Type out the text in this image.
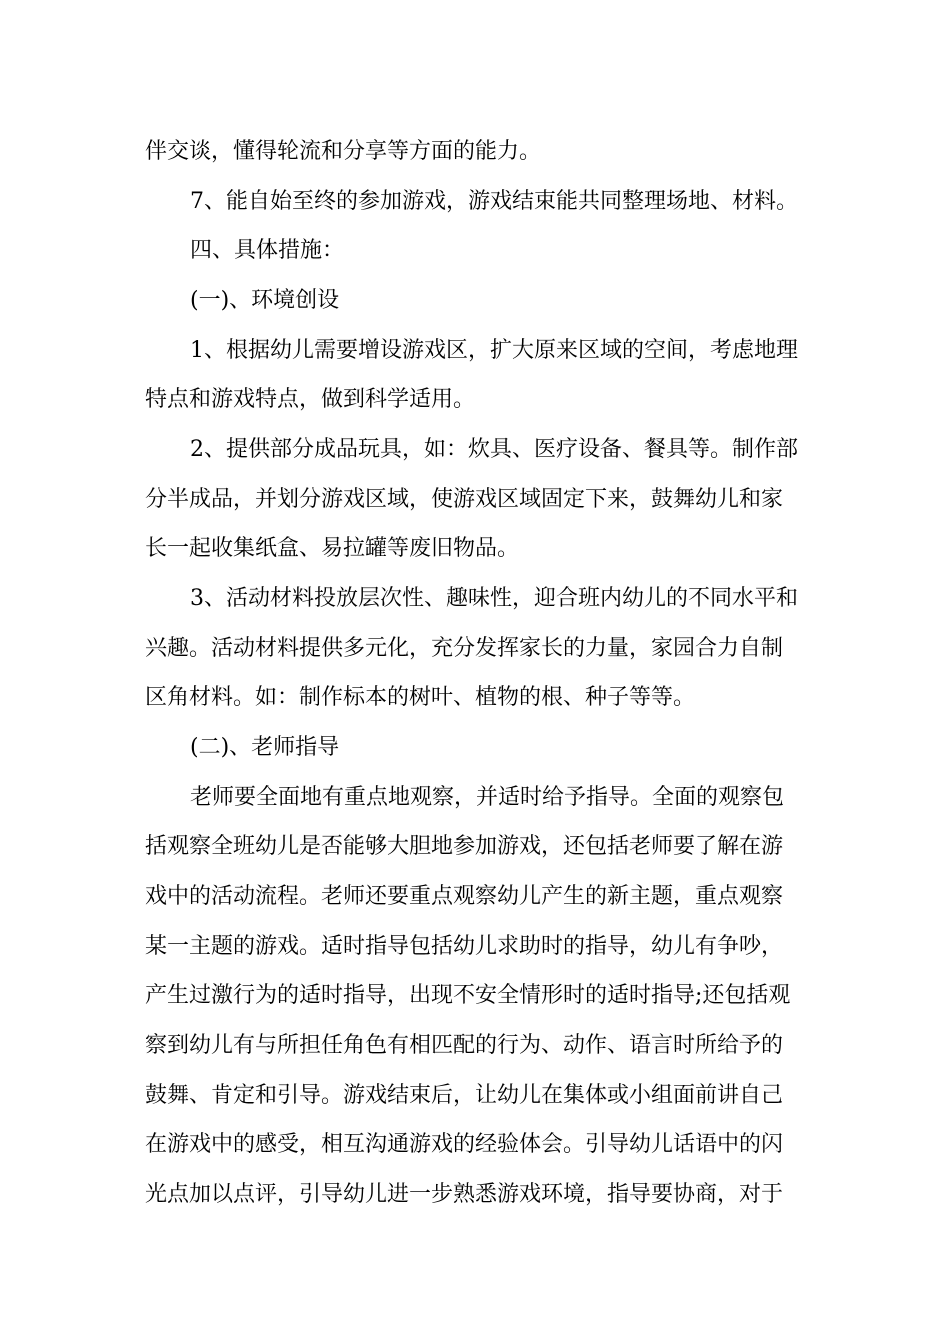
伴交谈，懂得轮流和分享等方面的能力。
7、能自始至终的参加游戏，游戏结束能共同整理场地、材料。
四、具体措施：
(一)、环境创设
1、根据幼儿需要增设游戏区，扩大原来区域的空间，考虑地理
特点和游戏特点，做到科学适用。
2、提供部分成品玩具，如：炊具、医疗设备、餐具等。制作部
分半成品，并划分游戏区域，使游戏区域固定下来，鼓舞幼儿和家
长一起收集纸盒、易拉罐等废旧物品。
3、活动材料投放层次性、趣味性，迎合班内幼儿的不同水平和
兴趣。活动材料提供多元化，充分发挥家长的力量，家园合力自制
区角材料。如：制作标本的树叶、植物的根、种子等等。
(二)、老师指导
老师要全面地有重点地观察，并适时给予指导。全面的观察包
括观察全班幼儿是否能够大胆地参加游戏，还包括老师要了解在游
戏中的活动流程。老师还要重点观察幼儿产生的新主题，重点观察
某一主题的游戏。适时指导包括幼儿求助时的指导，幼儿有争吵，
产生过激行为的适时指导，出现不安全情形时的适时指导;还包括观
察到幼儿有与所担任角色有相匹配的行为、动作、语言时所给予的
鼓舞、肯定和引导。游戏结束后，让幼儿在集体或小组面前讲自己
在游戏中的感受，相互沟通游戏的经验体会。引导幼儿话语中的闪
光点加以点评，引导幼儿进一步熟悉游戏环境，指导要协商，对于
